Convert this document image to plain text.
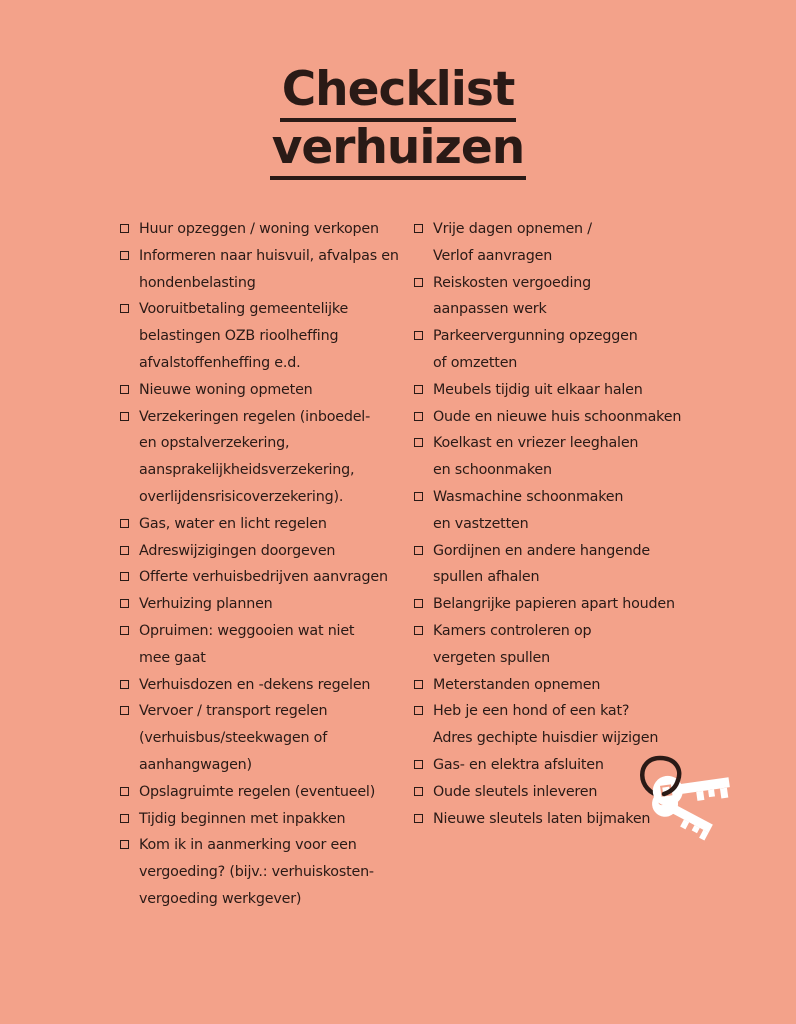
Checklist
verhuizen
Huur opzeggen / woning verkopen
Informeren naar huisvuil, afvalpas en
hondenbelasting
Vooruitbetaling gemeentelijke
belastingen OZB rioolheffing
afvalstoffenheffing e.d.
Nieuwe woning opmeten
Verzekeringen regelen (inboedel-
en opstalverzekering,
aansprakelijkheidsverzekering,
overlijdensrisicoverzekering).
Gas, water en licht regelen
Adreswijzigingen doorgeven
Offerte verhuisbedrijven aanvragen
Verhuizing plannen
Opruimen: weggooien wat niet
mee gaat
Verhuisdozen en -dekens regelen
Vervoer / transport regelen
(verhuisbus/steekwagen of
aanhangwagen)
Opslagruimte regelen (eventueel)
Tijdig beginnen met inpakken
Kom ik in aanmerking voor een
vergoeding? (bijv.: verhuiskosten-
vergoeding werkgever)
Vrije dagen opnemen /
Verlof aanvragen
Reiskosten vergoeding
aanpassen werk
Parkeervergunning opzeggen
of omzetten
Meubels tijdig uit elkaar halen
Oude en nieuwe huis schoonmaken
Koelkast en vriezer leeghalen
en schoonmaken
Wasmachine schoonmaken
en vastzetten
Gordijnen en andere hangende
spullen afhalen
Belangrijke papieren apart houden
Kamers controleren op
vergeten spullen
Meterstanden opnemen
Heb je een hond of een kat?
Adres gechipte huisdier wijzigen
Gas- en elektra afsluiten
Oude sleutels inleveren
Nieuwe sleutels laten bijmaken
